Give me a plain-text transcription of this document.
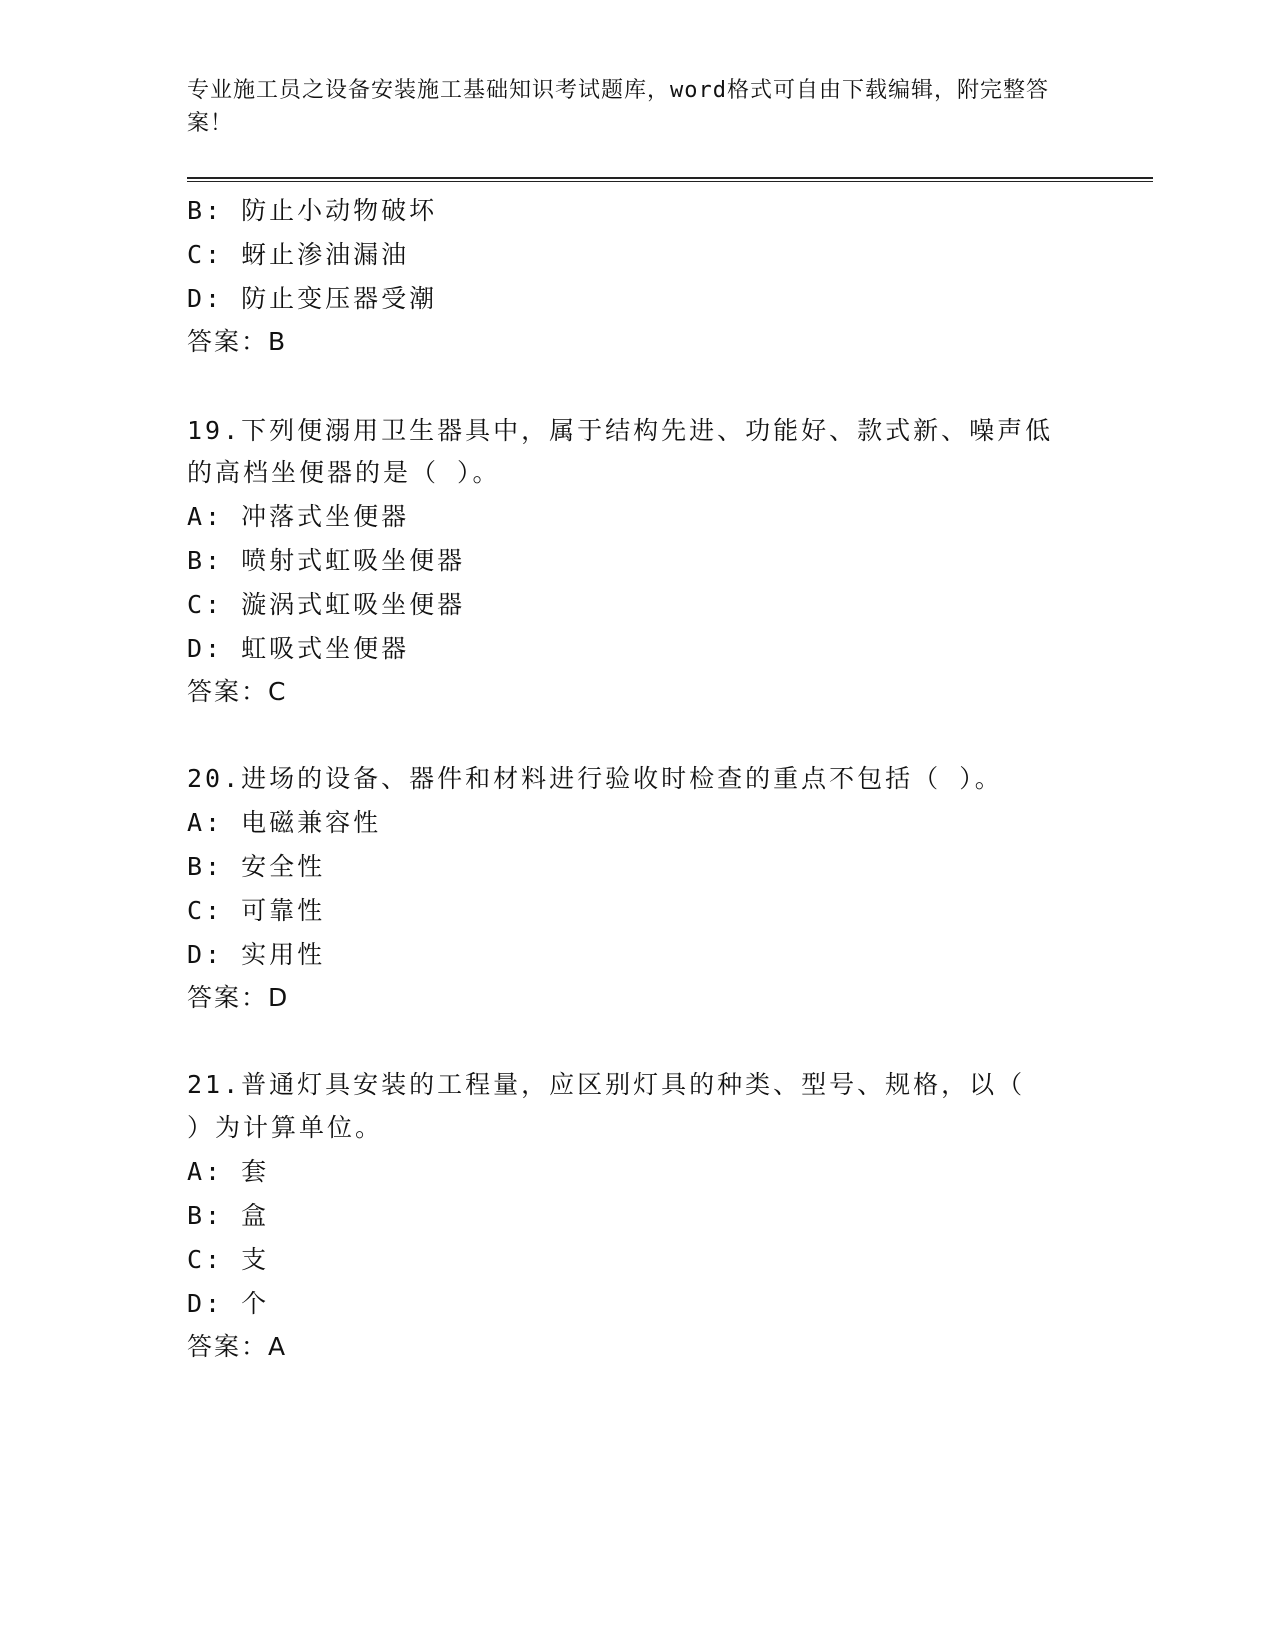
专业施工员之设备安装施工基础知识考试题库，word格式可自由下载编辑，附完整答案！
B: 防止小动物破坏
C: 蚜止渗油漏油
D: 防止变压器受潮
答案：B
19.下列便溺用卫生器具中，属于结构先进、功能好、款式新、噪声低
的高档坐便器的是（ ）。
A: 冲落式坐便器
B: 喷射式虹吸坐便器
C: 漩涡式虹吸坐便器
D: 虹吸式坐便器
答案：C
20.进场的设备、器件和材料进行验收时检查的重点不包括（ ）。
A: 电磁兼容性
B: 安全性
C: 可靠性
D: 实用性
答案：D
21.普通灯具安装的工程量，应区别灯具的种类、型号、规格，以（
）为计算单位。
A: 套
B: 盒
C: 支
D: 个
答案：A
